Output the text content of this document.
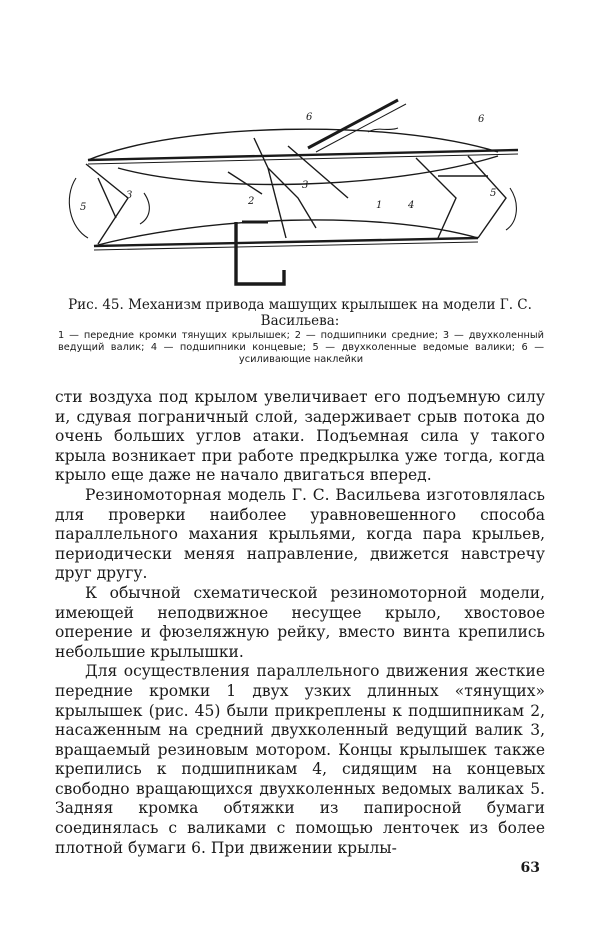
6	6
3
3
2	1	4
5
5
Рис. 45. Механизм привода машущих крылышек на модели Г. С. Васильева:

1 — передние кромки тянущих крылышек; 2 — подшипники средние; 3 — двухколенный ведущий валик; 4 — подшипники концевые; 5 — двухколенные ведомые валики; 6 — усиливающие наклейки

сти воздуха под крылом увеличивает его подъемную силу и, сдувая пограничный слой, задерживает срыв потока до очень больших углов атаки. Подъемная сила у такого крыла возникает при работе предкрылка уже тогда, когда крыло еще даже не начало двигаться вперед.

Резиномоторная модель Г. С. Васильева изготовлялась для проверки наиболее уравновешенного способа параллельного махания крыльями, когда пара крыльев, периодически меняя направление, движется навстречу друг другу.

К обычной схематической резиномоторной модели, имеющей неподвижное несущее крыло, хвостовое оперение и фюзеляжную рейку, вместо винта крепились небольшие крылышки.

Для осуществления параллельного движения жесткие передние кромки 1 двух узких длинных «тянущих» крылышек (рис. 45) были прикреплены к подшипникам 2, насаженным на средний двухколенный ведущий валик 3, вращаемый резиновым мотором. Концы крылышек также крепились к подшипникам 4, сидящим на концевых свободно вращающихся двухколенных ведомых валиках 5. Задняя кромка обтяжки из папиросной бумаги соединялась с валиками с помощью ленточек из более плотной бумаги 6. При движении крылы-

63
